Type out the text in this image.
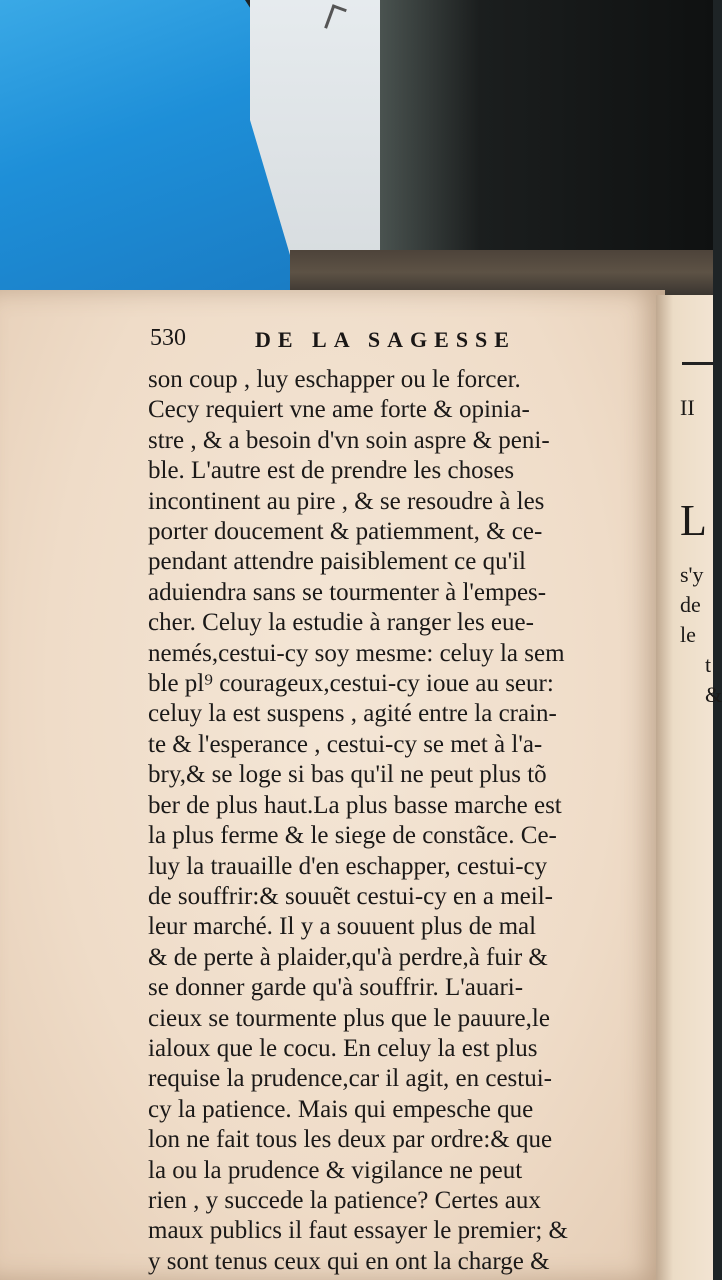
II
L
s'y
de
le
t
&
530	DE LA SAGESSE
son coup , luy eschapper ou le forcer.
Cecy requiert vne ame forte & opinia-
stre , & a besoin d'vn soin aspre & peni-
ble. L'autre est de prendre les choses
incontinent au pire , & se resoudre à les
porter doucement & patiemment, & ce-
pendant attendre paisiblement ce qu'il
aduiendra sans se tourmenter à l'empes-
cher. Celuy la estudie à ranger les eue-
nemés,cestui-cy soy mesme: celuy la sem
ble pl⁹ courageux,cestui-cy ioue au seur:
celuy la est suspens , agité entre la crain-
te & l'esperance , cestui-cy se met à l'a-
bry,& se loge si bas qu'il ne peut plus tõ
ber de plus haut.La plus basse marche est
la plus ferme & le siege de constãce. Ce-
luy la trauaille d'en eschapper, cestui-cy
de souffrir:& souuẽt cestui-cy en a meil-
leur marché. Il y a souuent plus de mal
& de perte à plaider,qu'à perdre,à fuir &
se donner garde qu'à souffrir. L'auari-
cieux se tourmente plus que le pauure,le
ialoux que le cocu. En celuy la est plus
requise la prudence,car il agit, en cestui-
cy la patience. Mais qui empesche que
lon ne fait tous les deux par ordre:& que
la ou la prudence & vigilance ne peut
rien , y succede la patience? Certes aux
maux publics il faut essayer le premier; &
y sont tenus ceux qui en ont la charge &
